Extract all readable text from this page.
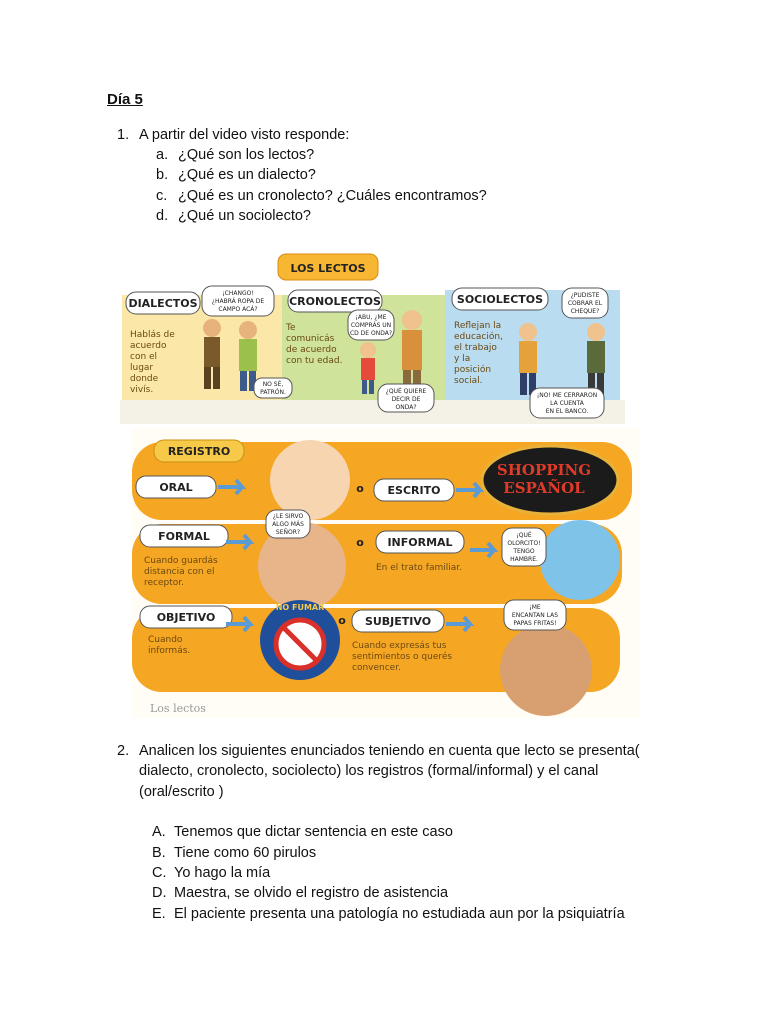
Día 5
1. A partir del video visto responde:
a. ¿Qué son los lectos?
b. ¿Qué es un dialecto?
c. ¿Qué es un cronolecto? ¿Cuáles encontramos?
d. ¿Qué un sociolecto?
LOS LECTOS
DIALECTOS
Hablás de
acuerdo
con el
lugar
donde
vivís.
¡CHANGO!
¿HABRÁ ROPA DE
CAMPO ACÁ?
NO SÉ,
PATRÓN.
CRONOLECTOS
Te
comunicás
de acuerdo
con tu edad.
¡ABU, ¿ME
COMPRÁS UN
CD DE ONDA?
¿QUÉ QUIERE
DECIR DE
ONDA?
SOCIOLECTOS
Reflejan la
educación,
el trabajo
y la
posición
social.
¿PUDISTE
COBRAR EL
CHEQUE?
¡NO! ME CERRARON
LA CUENTA
EN EL BANCO.
Los lectos
REGISTRO
ORAL	o ESCRITO
SHOPPING
ESPAÑOL
FORMAL
Cuando guardás
distancia con el
receptor.
¿LE SIRVO
ALGO MÁS
SEÑOR?
o INFORMAL
En el trato familiar.
¡QUÉ
OLORCITO!
TENGO
HAMBRE.
OBJETIVO
Cuando
informás.
NO FUMAR
o SUBJETIVO
Cuando expresás tus
sentimientos o querés
convencer.
¡ME
ENCANTAN LAS
PAPAS FRITAS!
2. Analicen los siguientes enunciados teniendo en cuenta que lecto se presenta( dialecto, cronolecto, sociolecto) los registros (formal/informal) y el canal (oral/escrito )
A. Tenemos que dictar sentencia en este caso
B. Tiene como 60 pirulos
C. Yo hago la mía
D. Maestra, se olvido el registro de asistencia
E. El paciente presenta una patología no estudiada aun por la psiquiatría
